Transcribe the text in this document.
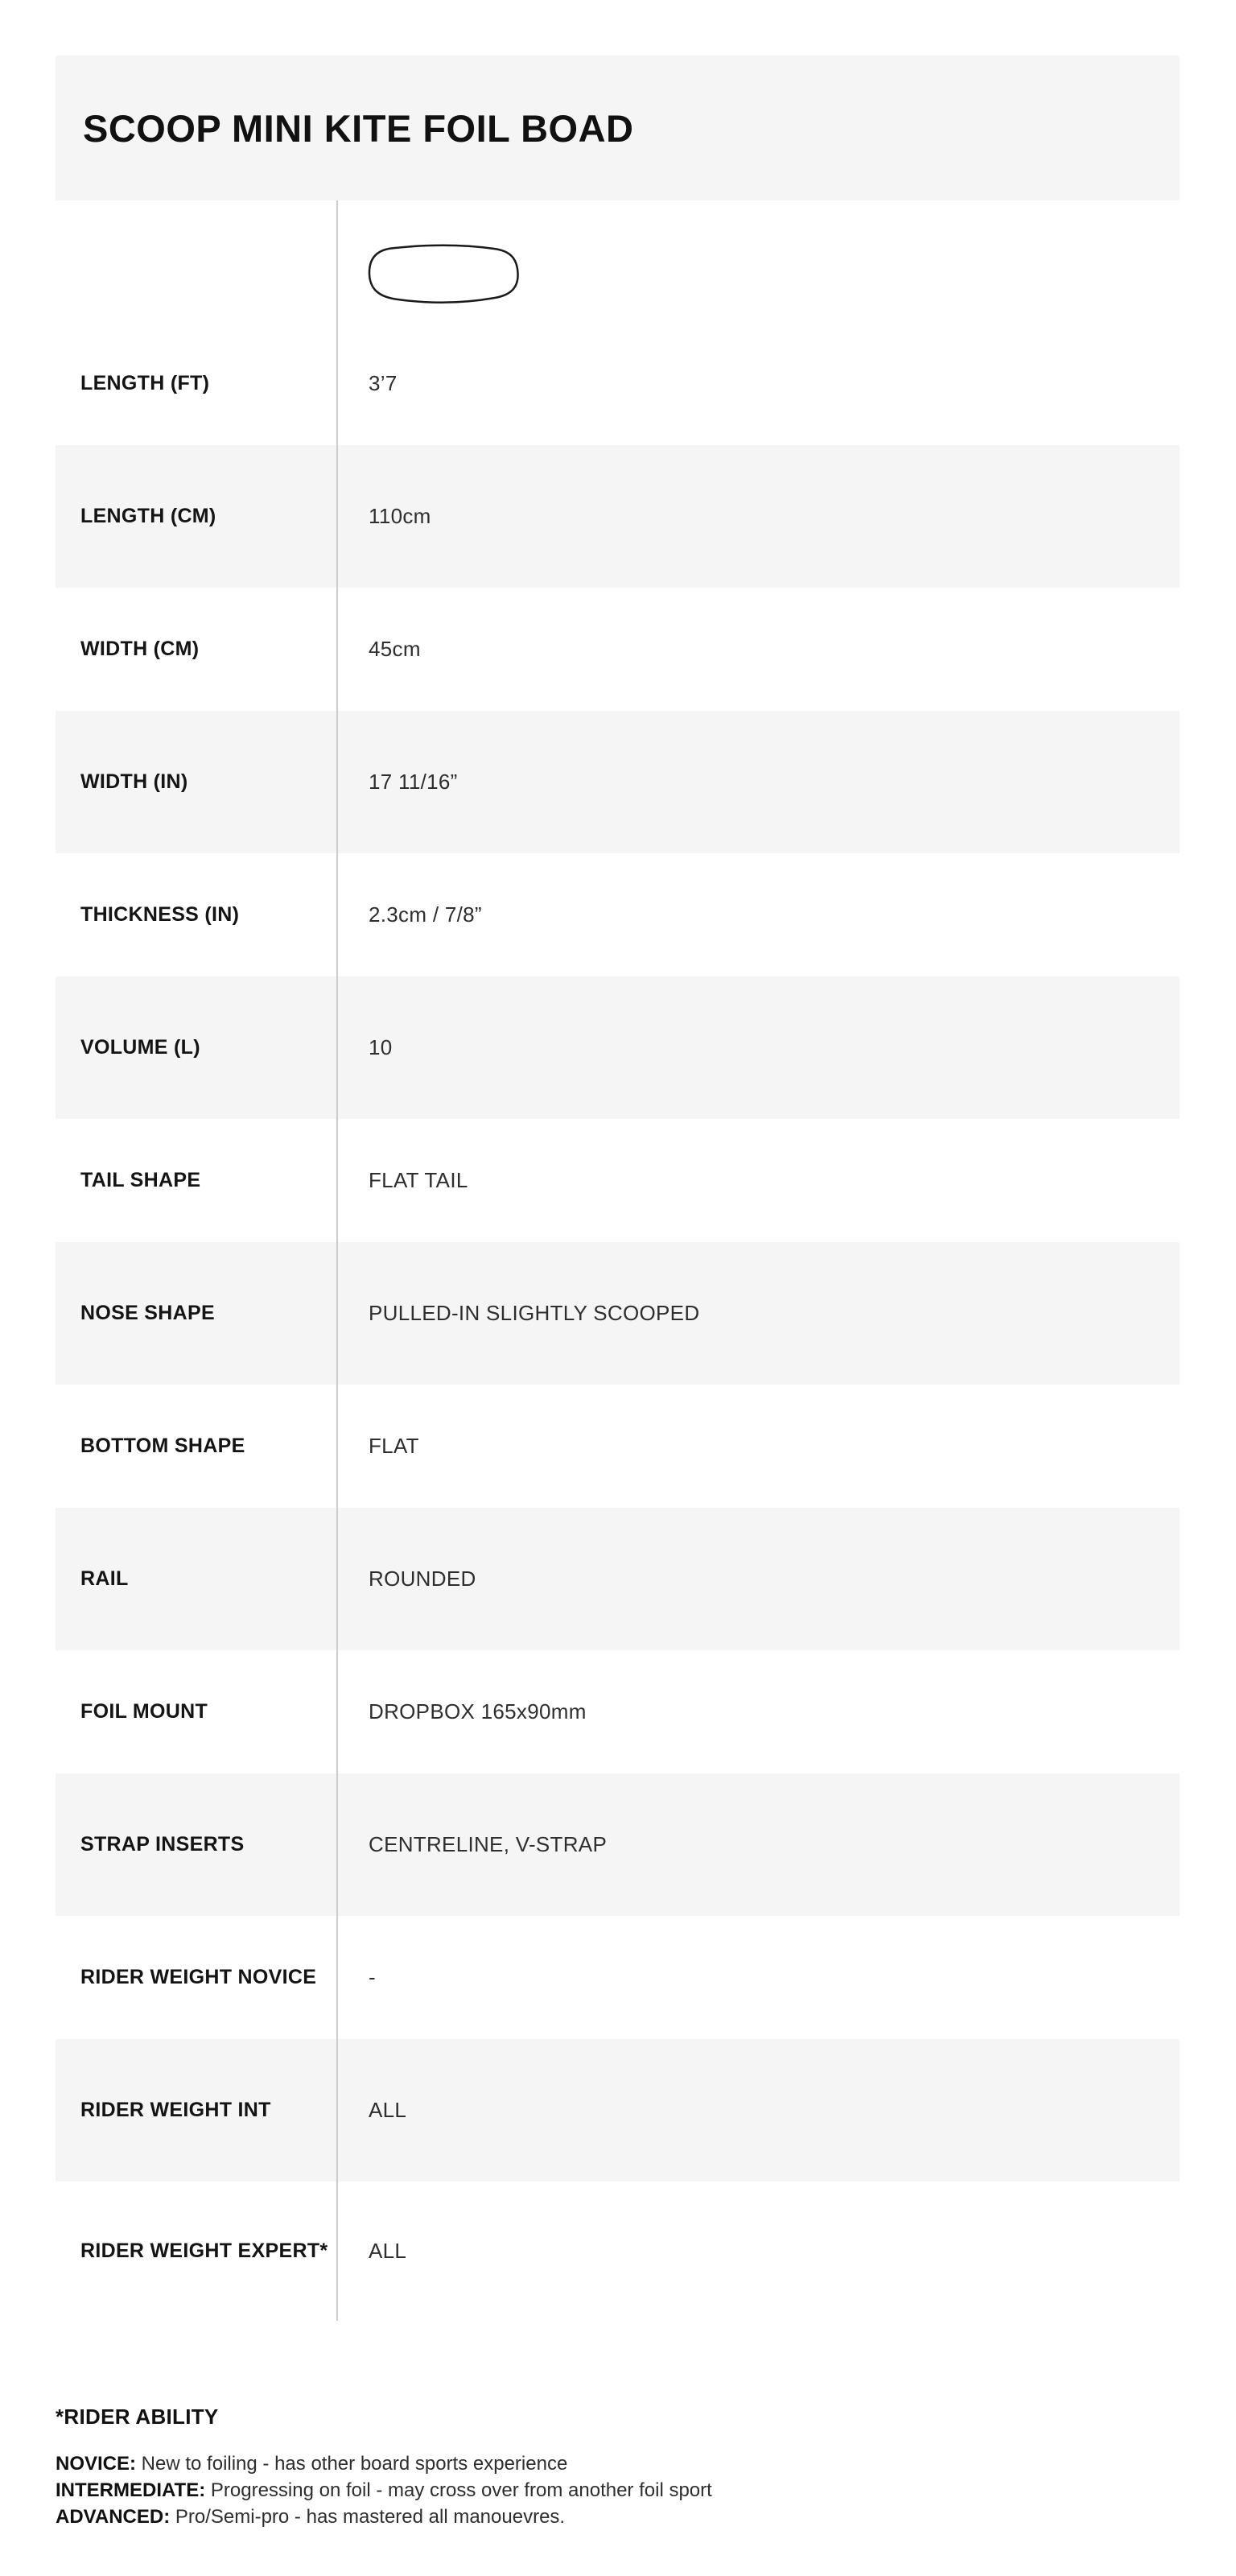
SCOOP MINI KITE FOIL BOAD
LENGTH (FT)	3’7
LENGTH (CM)	110cm
WIDTH (CM)	45cm
WIDTH (IN)	17 11/16”
THICKNESS (IN)	2.3cm / 7/8”
VOLUME (L)	10
TAIL SHAPE	FLAT TAIL
NOSE SHAPE	PULLED-IN SLIGHTLY SCOOPED
BOTTOM SHAPE	FLAT
RAIL	ROUNDED
FOIL MOUNT	DROPBOX 165x90mm
STRAP INSERTS	CENTRELINE, V-STRAP
RIDER WEIGHT NOVICE	-
RIDER WEIGHT INT	ALL
RIDER WEIGHT EXPERT*	ALL
*RIDER ABILITY
NOVICE: New to foiling - has other board sports experience
INTERMEDIATE: Progressing on foil - may cross over from another foil sport
ADVANCED: Pro/Semi-pro - has mastered all manouevres.
